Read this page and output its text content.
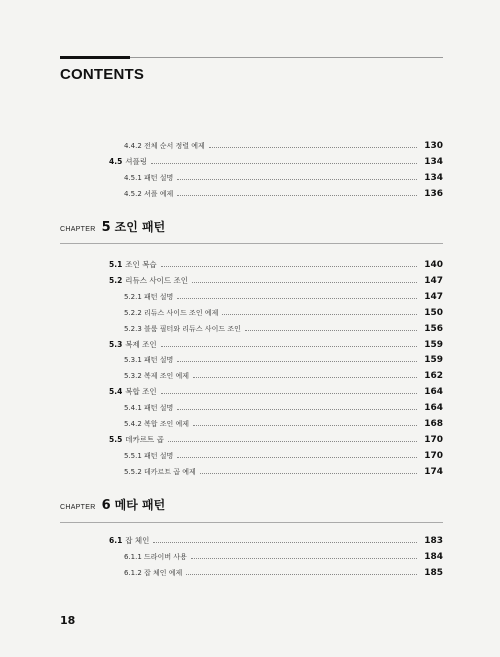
CONTENTS
4.4.2 전체 순서 정렬 예제	130
4.5 셔플링	134
4.5.1 패턴 설명	134
4.5.2 셔플 예제	136
CHAPTER 5 조인 패턴
5.1 조인 복습	140
5.2 리듀스 사이드 조인	147
5.2.1 패턴 설명	147
5.2.2 리듀스 사이드 조인 예제	150
5.2.3 블룸 필터와 리듀스 사이드 조인	156
5.3 복제 조인	159
5.3.1 패턴 설명	159
5.3.2 복제 조인 예제	162
5.4 복합 조인	164
5.4.1 패턴 설명	164
5.4.2 복합 조인 예제	168
5.5 데카르트 곱	170
5.5.1 패턴 설명	170
5.5.2 데카르트 곱 예제	174
CHAPTER 6 메타 패턴
6.1 잡 체인	183
6.1.1 드라이버 사용	184
6.1.2 잡 체인 예제	185
18
